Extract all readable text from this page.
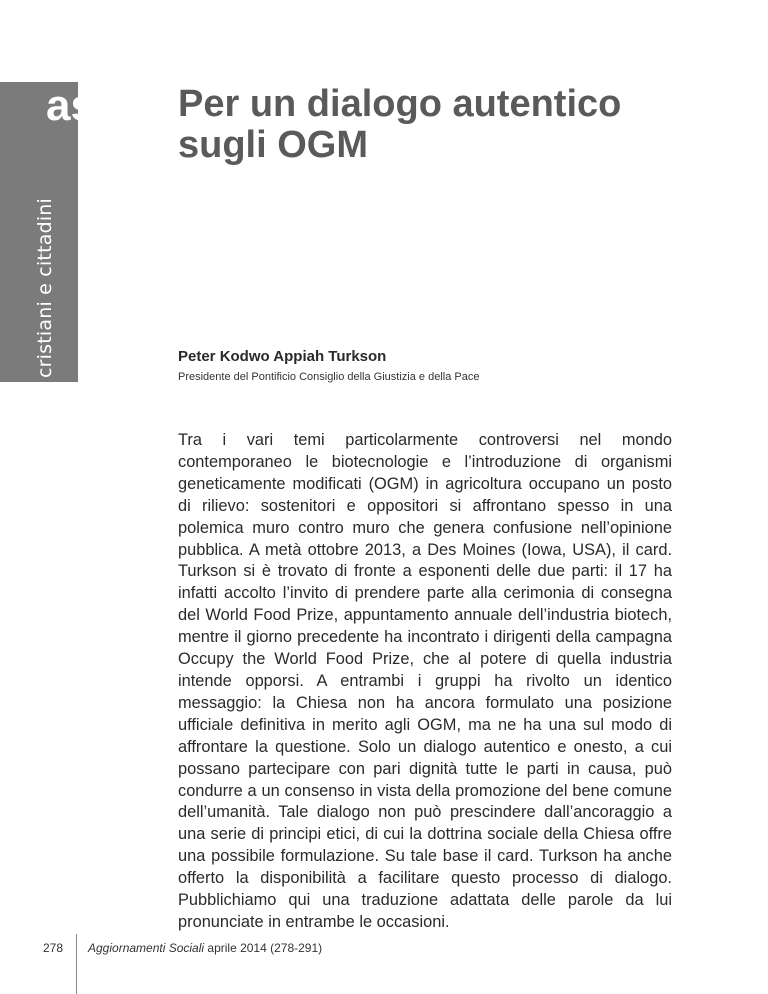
as
cristiani e cittadini
Per un dialogo autentico sugli OGM
Peter Kodwo Appiah Turkson
Presidente del Pontificio Consiglio della Giustizia e della Pace

Tra i vari temi particolarmente controversi nel mondo contemporaneo le biotecnologie e l’introduzione di organismi geneticamente modificati (OGM) in agricoltura occupano un posto di rilievo: sostenitori e oppositori si affrontano spesso in una polemica muro contro muro che genera confusione nell’opinione pubblica. A metà ottobre 2013, a Des Moines (Iowa, USA), il card. Turkson si è trovato di fronte a esponenti delle due parti: il 17 ha infatti accolto l’invito di prendere parte alla cerimonia di consegna del World Food Prize, appuntamento annuale dell’industria biotech, mentre il giorno precedente ha incontrato i dirigenti della campagna Occupy the World Food Prize, che al potere di quella industria intende opporsi. A entrambi i gruppi ha rivolto un identico messaggio: la Chiesa non ha ancora formulato una posizione ufficiale definitiva in merito agli OGM, ma ne ha una sul modo di affrontare la questione. Solo un dialogo autentico e onesto, a cui possano partecipare con pari dignità tutte le parti in causa, può condurre a un consenso in vista della promozione del bene comune dell’umanità. Tale dialogo non può prescindere dall’ancoraggio a una serie di principi etici, di cui la dottrina sociale della Chiesa offre una possibile formulazione. Su tale base il card. Turkson ha anche offerto la disponibilità a facilitare questo processo di dialogo. Pubblichiamo qui una traduzione adattata delle parole da lui pronunciate in entrambe le occasioni.

278 Aggiornamenti Sociali aprile 2014 (278-291)
